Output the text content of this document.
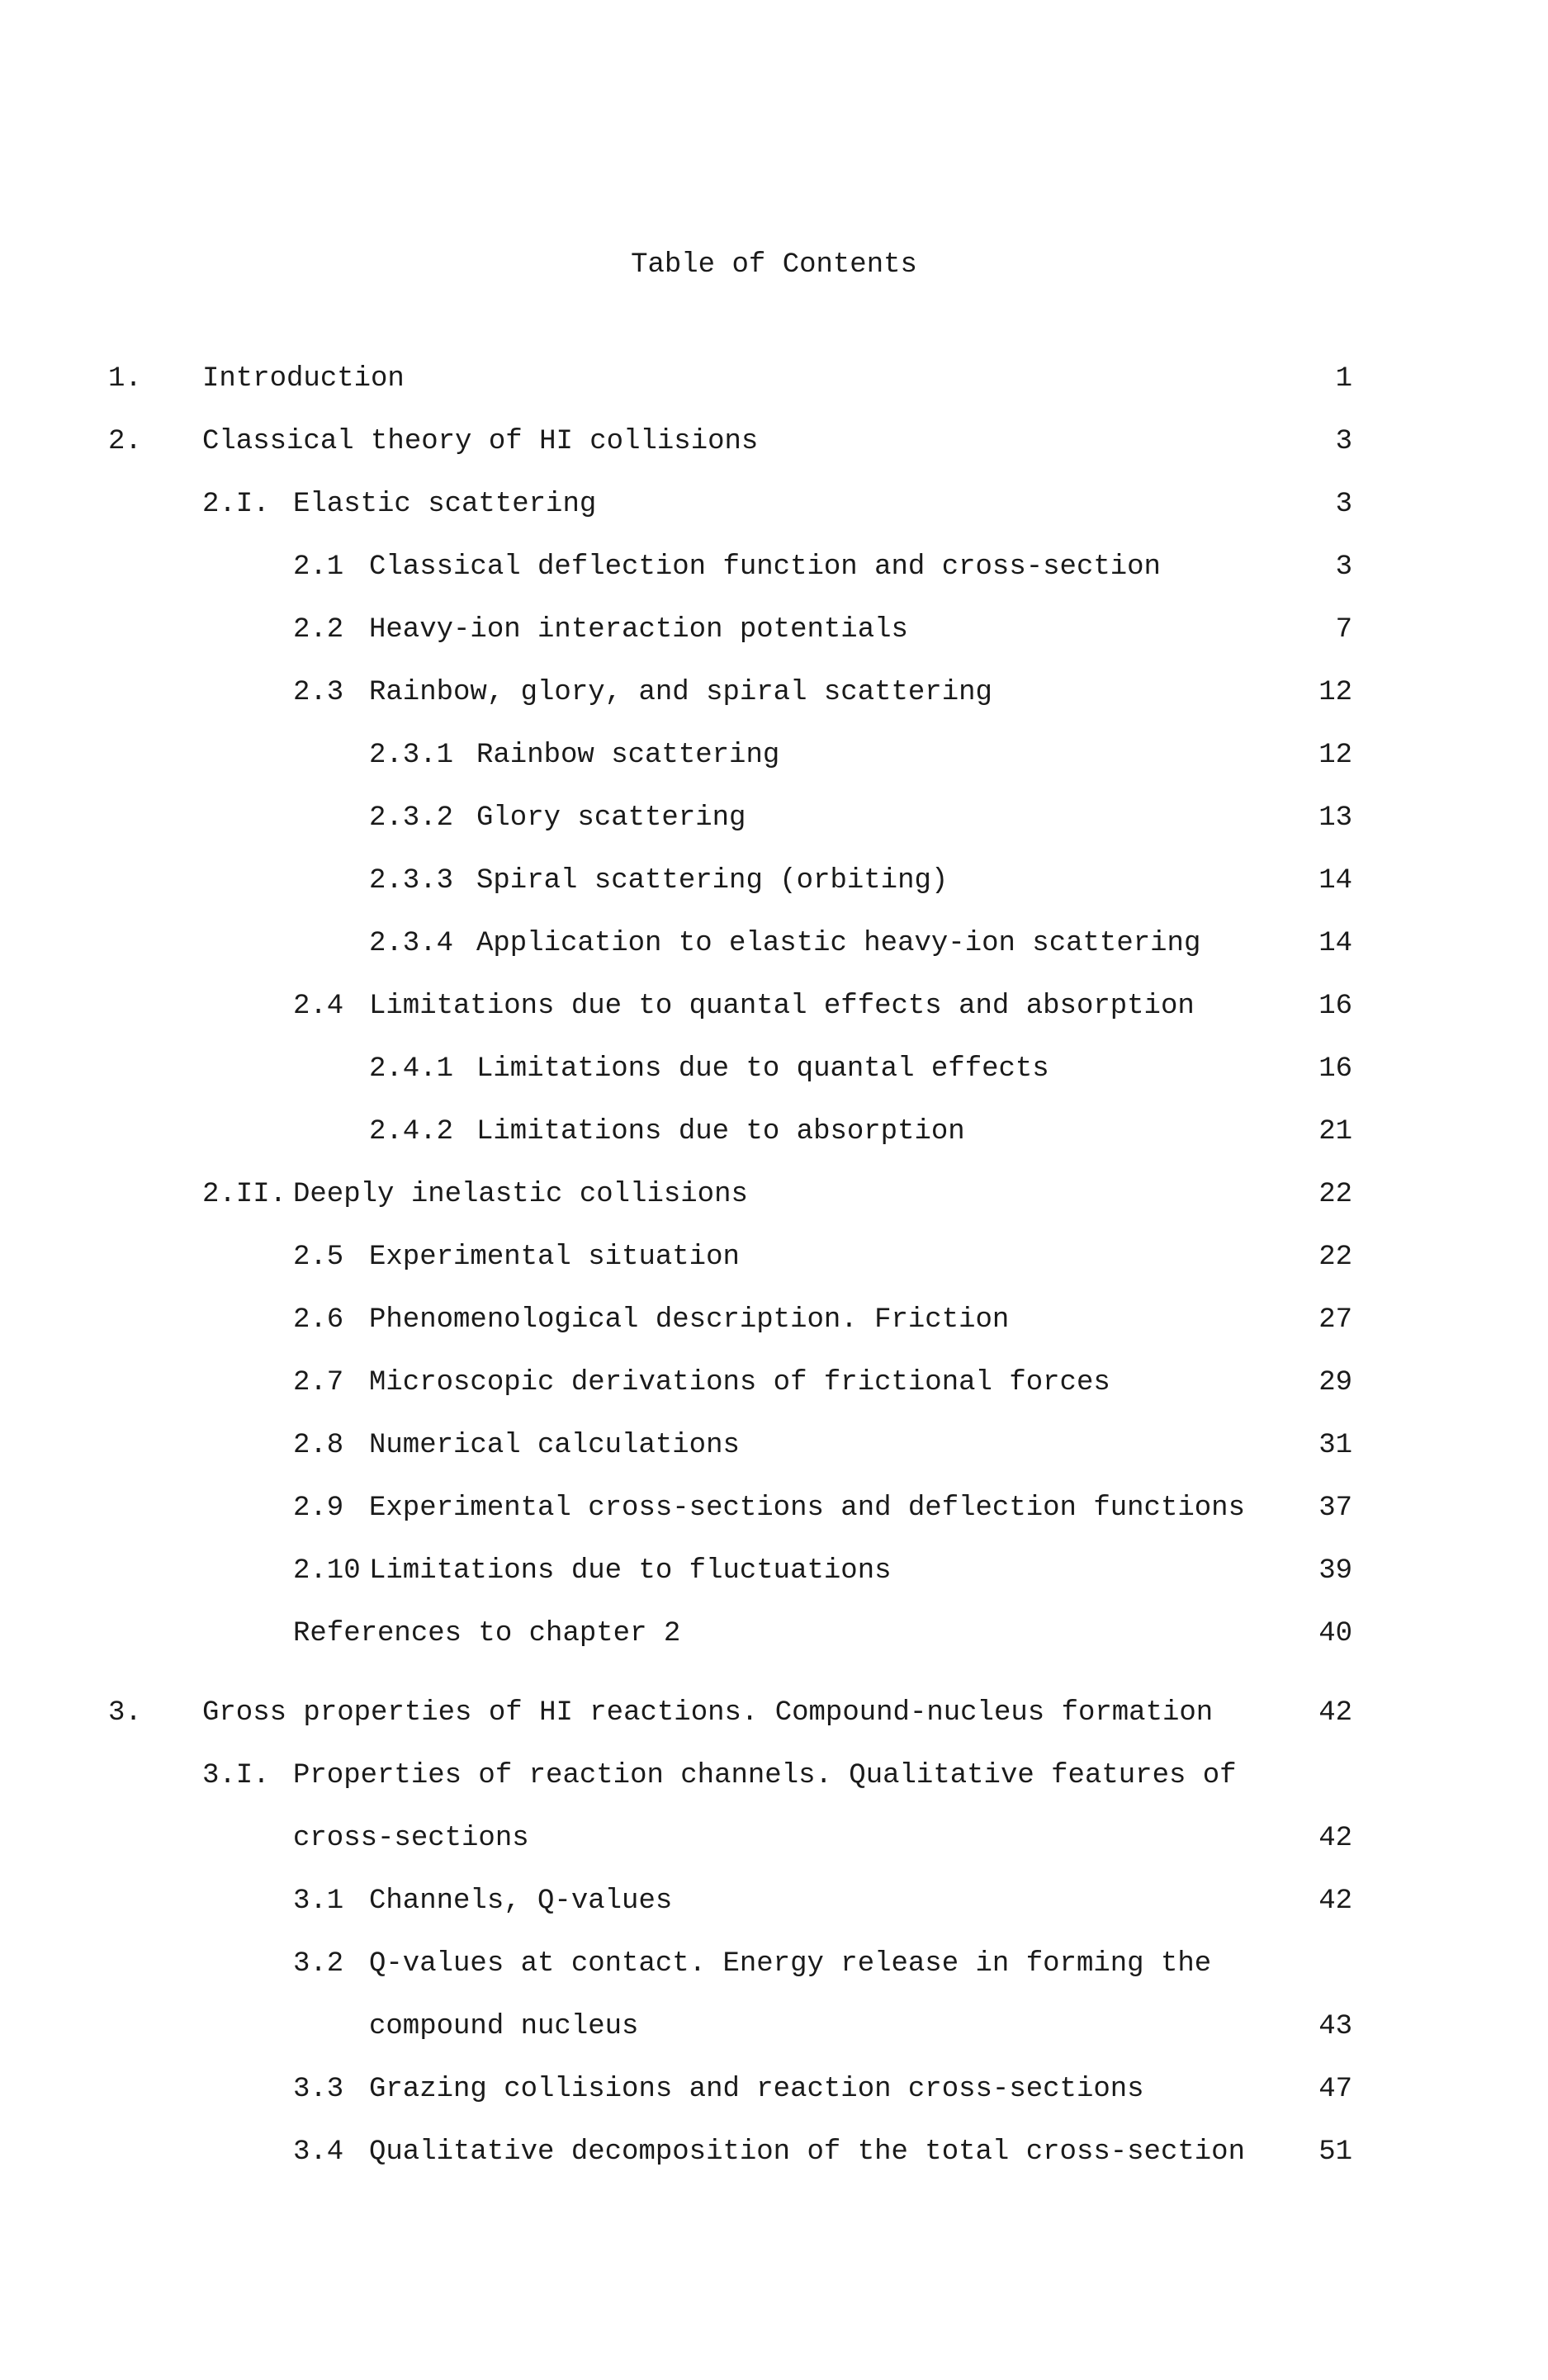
Table of Contents
1. Introduction	1
2. Classical theory of HI collisions	3
2.I. Elastic scattering	3
2.1 Classical deflection function and cross-section	3
2.2 Heavy-ion interaction potentials	7
2.3 Rainbow, glory, and spiral scattering	12
2.3.1 Rainbow scattering	12
2.3.2 Glory scattering	13
2.3.3 Spiral scattering (orbiting)	14
2.3.4 Application to elastic heavy-ion scattering	14
2.4 Limitations due to quantal effects and absorption	16
2.4.1 Limitations due to quantal effects	16
2.4.2 Limitations due to absorption	21
2.II. Deeply inelastic collisions	22
2.5 Experimental situation	22
2.6 Phenomenological description. Friction	27
2.7 Microscopic derivations of frictional forces	29
2.8 Numerical calculations	31
2.9 Experimental cross-sections and deflection functions	37
2.10 Limitations due to fluctuations	39
References to chapter 2	40
3. Gross properties of HI reactions. Compound-nucleus formation	42
3.I. Properties of reaction channels. Qualitative features of
cross-sections	42
3.1 Channels, Q-values	42
3.2 Q-values at contact. Energy release in forming the
compound nucleus	43
3.3 Grazing collisions and reaction cross-sections	47
3.4 Qualitative decomposition of the total cross-section	51
